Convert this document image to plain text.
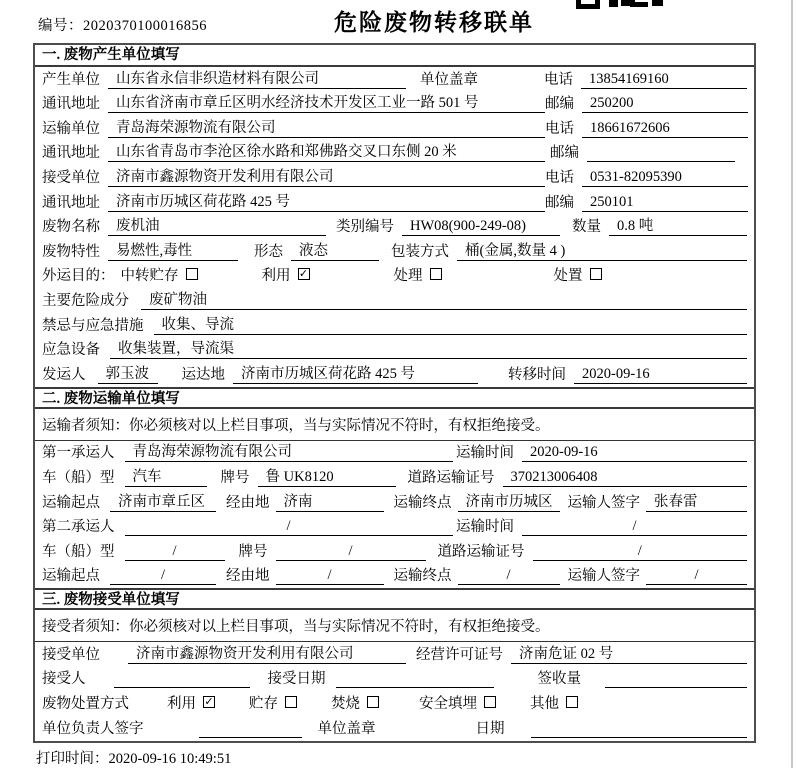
编号：2020370100016856	危险废物转移联单
一. 废物产生单位填写
产生单位	山东省永信非织造材料有限公司	单位盖章	电话	13854169160
通讯地址	山东省济南市章丘区明水经济技术开发区工业一路 501 号	邮编	250200
运输单位	青岛海荣源物流有限公司	电话	18661672606
通讯地址	山东省青岛市李沧区徐水路和郑佛路交叉口东侧 20 米	邮编
接受单位	济南市鑫源物资开发利用有限公司	电话	0531-82095390
通讯地址	济南市历城区荷花路 425 号	邮编	250101
废物名称	废机油	类别编号	HW08(900-249-08)	数量	0.8 吨
废物特性	易燃性,毒性	形态	液态	包装方式	桶(金属,数量 4 )
外运目的： 中转贮存	利用 ✓	处理	处置
主要危险成分	废矿物油
禁忌与应急措施	收集、导流
应急设备	收集装置，导流渠
发运人	郭玉波	运达地	济南市历城区荷花路 425 号	转移时间	2020-09-16
二. 废物运输单位填写
运输者须知： 你必须核对以上栏目事项，当与实际情况不符时，有权拒绝接受。
第一承运人	青岛海荣源物流有限公司	运输时间	2020-09-16
车（船）型	汽车	牌号	鲁 UK8120	道路运输证号	370213006408
运输起点	济南市章丘区	经由地 济南	运输终点 济南市历城区	运输人签字 张春雷
第二承运人	/	运输时间	/
车（船）型	/	牌号	/	道路运输证号	/
运输起点	/	经由地	/	运输终点	/	运输人签字	/
三. 废物接受单位填写
接受者须知： 你必须核对以上栏目事项，当与实际情况不符时，有权拒绝接受。
接受单位	济南市鑫源物资开发利用有限公司	经营许可证号	济南危证 02 号
接受人	接受日期	签收量
废物处置方式	利用 ✓ 贮存	焚烧	安全填埋	其他
单位负责人签字	单位盖章	日期
打印时间：2020-09-16 10:49:51
